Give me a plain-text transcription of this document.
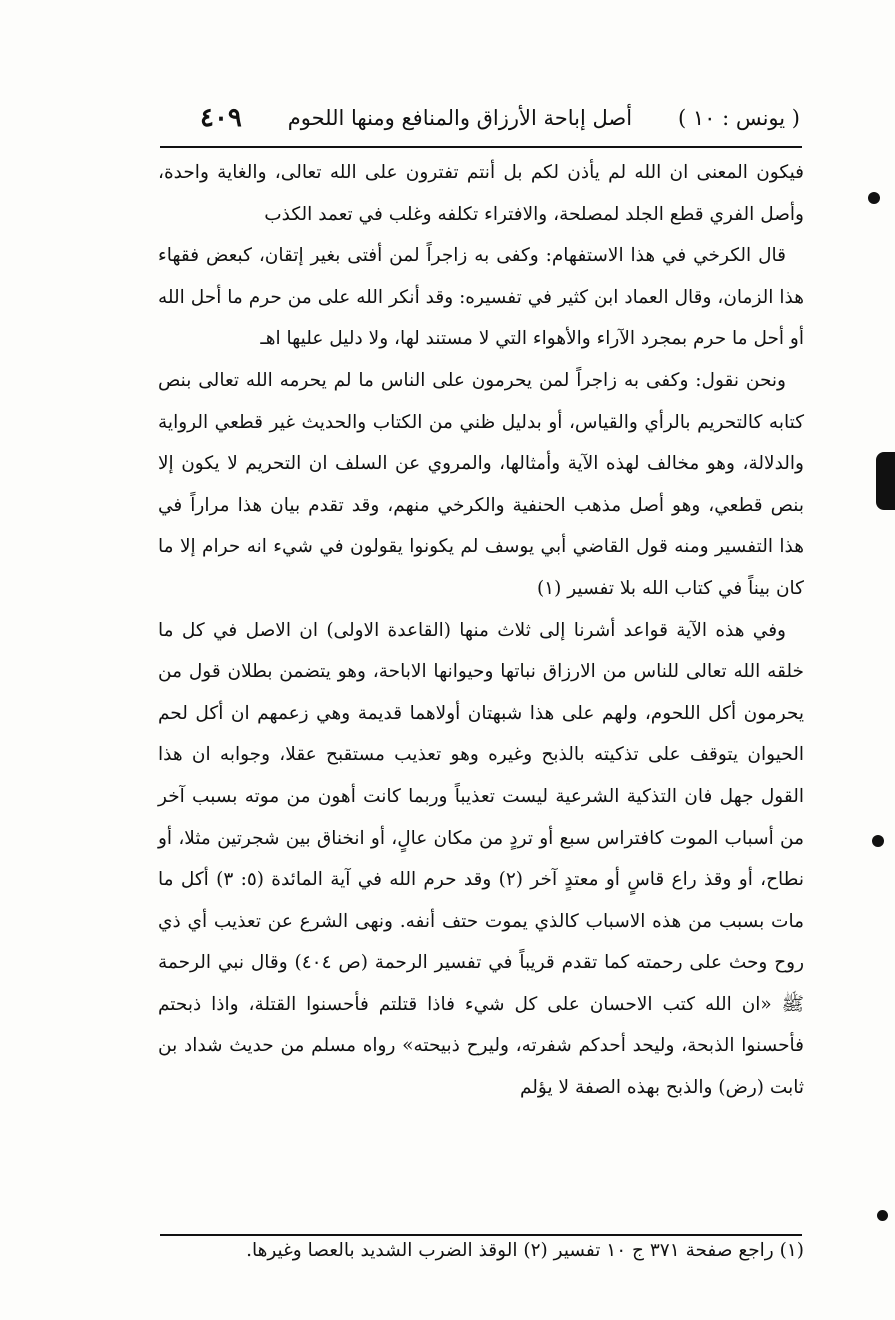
( يونس : ١٠ )
أصل إباحة الأرزاق والمنافع ومنها اللحوم
٤٠٩

فيكون المعنى ان الله لم يأذن لكم بل أنتم تفترون على الله تعالى، والغاية واحدة، وأصل الفري قطع الجلد لمصلحة، والافتراء تكلفه وغلب في تعمد الكذب

قال الكرخي في هذا الاستفهام: وكفى به زاجراً لمن أفتى بغير إتقان، كبعض فقهاء هذا الزمان، وقال العماد ابن كثير في تفسيره: وقد أنكر الله على من حرم ما أحل الله أو أحل ما حرم بمجرد الآراء والأهواء التي لا مستند لها، ولا دليل عليها اهـ

ونحن نقول: وكفى به زاجراً لمن يحرمون على الناس ما لم يحرمه الله تعالى بنص كتابه كالتحريم بالرأي والقياس، أو بدليل ظني من الكتاب والحديث غير قطعي الرواية والدلالة، وهو مخالف لهذه الآية وأمثالها، والمروي عن السلف ان التحريم لا يكون إلا بنص قطعي، وهو أصل مذهب الحنفية والكرخي منهم، وقد تقدم بيان هذا مراراً في هذا التفسير ومنه قول القاضي أبي يوسف لم يكونوا يقولون في شيء انه حرام إلا ما كان بيناً في كتاب الله بلا تفسير (١)

وفي هذه الآية قواعد أشرنا إلى ثلاث منها (القاعدة الاولى) ان الاصل في كل ما خلقه الله تعالى للناس من الارزاق نباتها وحيوانها الاباحة، وهو يتضمن بطلان قول من يحرمون أكل اللحوم، ولهم على هذا شبهتان أولاهما قديمة وهي زعمهم ان أكل لحم الحيوان يتوقف على تذكيته بالذبح وغيره وهو تعذيب مستقبح عقلا، وجوابه ان هذا القول جهل فان التذكية الشرعية ليست تعذيباً وربما كانت أهون من موته بسبب آخر من أسباب الموت كافتراس سبع أو تردٍ من مكان عالٍ، أو انخناق بين شجرتين مثلا، أو نطاح، أو وقذ راع قاسٍ أو معتدٍ آخر (٢) وقد حرم الله في آية المائدة (٥: ٣) أكل ما مات بسبب من هذه الاسباب كالذي يموت حتف أنفه. ونهى الشرع عن تعذيب أي ذي روح وحث على رحمته كما تقدم قريباً في تفسير الرحمة (ص ٤٠٤) وقال نبي الرحمة ﷺ «ان الله كتب الاحسان على كل شيء فاذا قتلتم فأحسنوا القتلة، واذا ذبحتم فأحسنوا الذبحة، وليحد أحدكم شفرته، وليرح ذبيحته» رواه مسلم من حديث شداد بن ثابت (رض) والذبح بهذه الصفة لا يؤلم

(١) راجع صفحة ٣٧١ ج ١٠ تفسير (٢) الوقذ الضرب الشديد بالعصا وغيرها.
